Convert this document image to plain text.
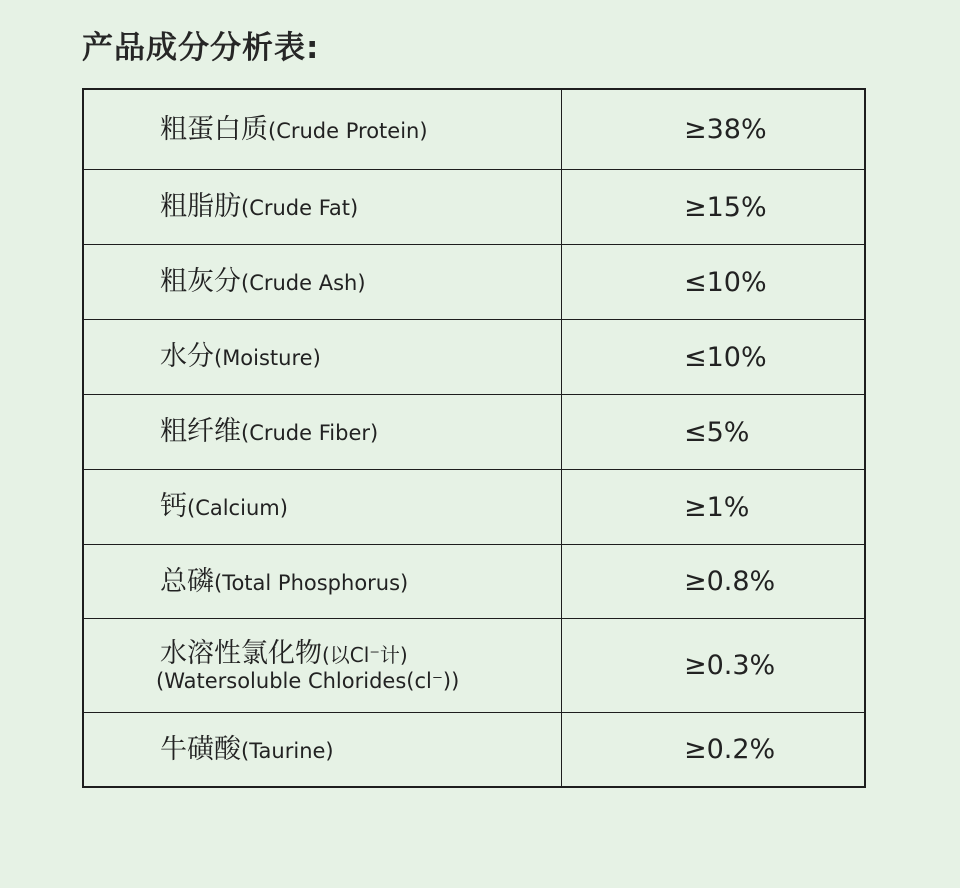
产品成分分析表:
粗蛋白质(Crude Protein)	≥38%
粗脂肪(Crude Fat)	≥15%
粗灰分(Crude Ash)	≤10%
水分(Moisture)	≤10%
粗纤维(Crude Fiber)	≤5%
钙(Calcium)	≥1%
总磷(Total Phosphorus)	≥0.8%
水溶性氯化物(以Cl⁻计)
(Watersoluble Chlorides(cl⁻))	≥0.3%
牛磺酸(Taurine)	≥0.2%
